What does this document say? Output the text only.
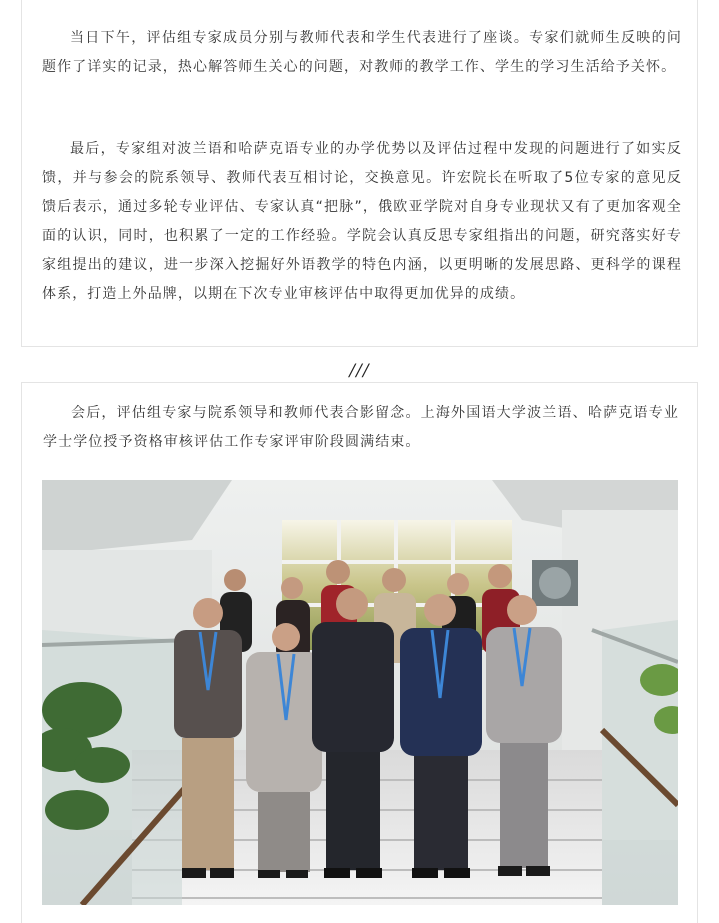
当日下午，评估组专家成员分别与教师代表和学生代表进行了座谈。专家们就师生反映的问题作了详实的记录，热心解答师生关心的问题，对教师的教学工作、学生的学习生活给予关怀。

最后，专家组对波兰语和哈萨克语专业的办学优势以及评估过程中发现的问题进行了如实反馈，并与参会的院系领导、教师代表互相讨论，交换意见。许宏院长在听取了5位专家的意见反馈后表示，通过多轮专业评估、专家认真“把脉”，俄欧亚学院对自身专业现状又有了更加客观全面的认识，同时，也积累了一定的工作经验。学院会认真反思专家组指出的问题，研究落实好专家组提出的建议，进一步深入挖掘好外语教学的特色内涵，以更明晰的发展思路、更科学的课程体系，打造上外品牌，以期在下次专业审核评估中取得更加优异的成绩。

///

会后，评估组专家与院系领导和教师代表合影留念。上海外国语大学波兰语、哈萨克语专业学士学位授予资格审核评估工作专家评审阶段圆满结束。
